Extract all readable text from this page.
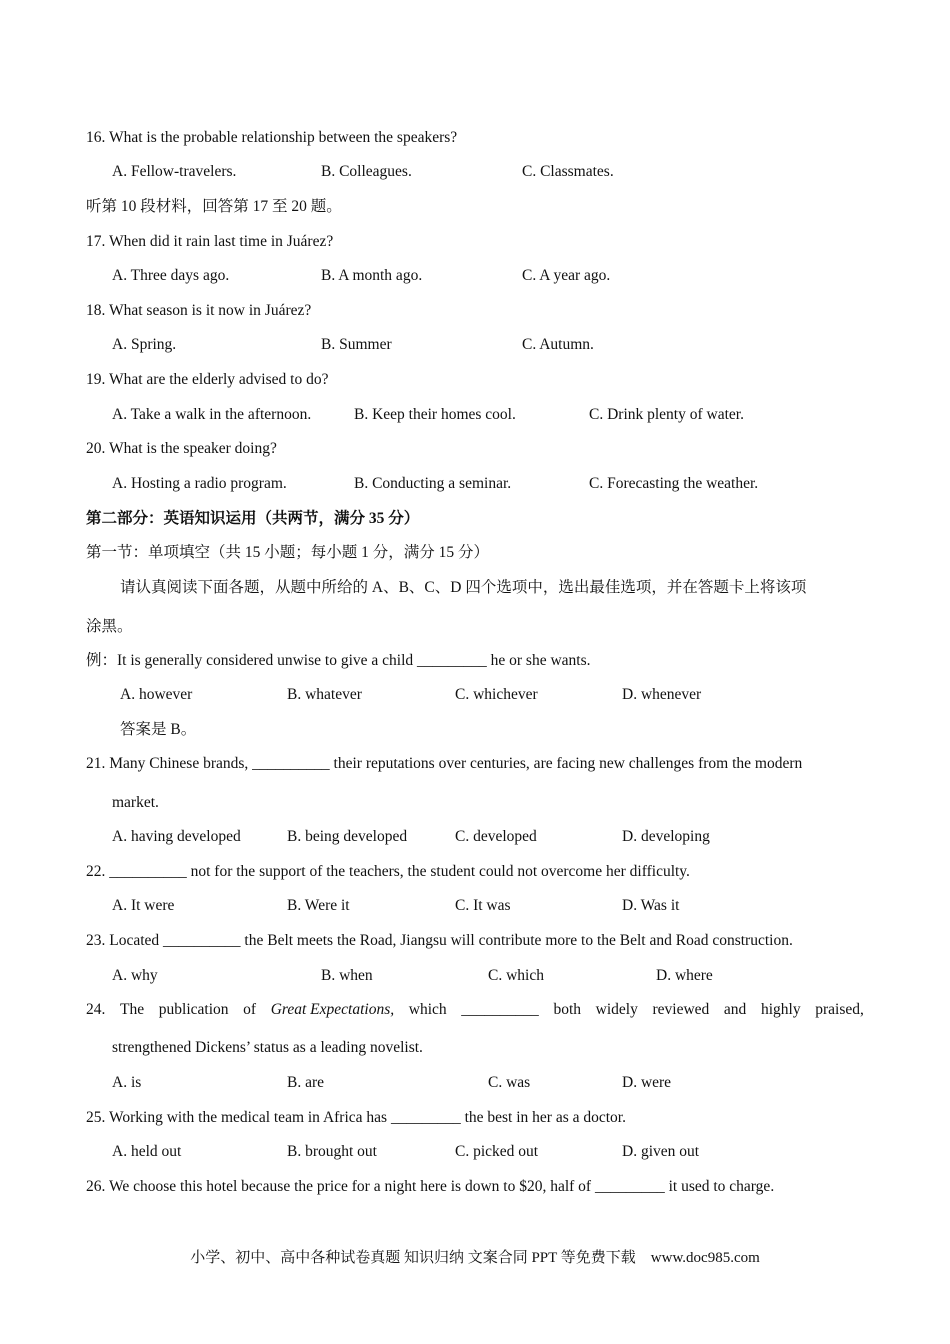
16. What is the probable relationship between the speakers?
A. Fellow-travelers.	B. Colleagues.	C. Classmates.
听第 10 段材料，回答第 17 至 20 题。
17. When did it rain last time in Juárez?
A. Three days ago.	B. A month ago.	C. A year ago.
18. What season is it now in Juárez?
A. Spring.	B. Summer	C. Autumn.
19. What are the elderly advised to do?
A. Take a walk in the afternoon.	B. Keep their homes cool.	C. Drink plenty of water.
20. What is the speaker doing?
A. Hosting a radio program.	B. Conducting a seminar.	C. Forecasting the weather.
第二部分：英语知识运用（共两节，满分 35 分）
第一节：单项填空（共 15 小题；每小题 1 分，满分 15 分）
请认真阅读下面各题，从题中所给的 A、B、C、D 四个选项中，选出最佳选项，并在答题卡上将该项
涂黑。
例：It is generally considered unwise to give a child _________ he or she wants.
A. however	B. whatever	C. whichever	D. whenever
答案是 B。
21. Many Chinese brands, __________ their reputations over centuries, are facing new challenges from the modern
market.
A. having developed	B. being developed	C. developed	D. developing
22. __________ not for the support of the teachers, the student could not overcome her difficulty.
A. It were	B. Were it	C. It was	D. Was it
23. Located __________ the Belt meets the Road, Jiangsu will contribute more to the Belt and Road construction.
A. why	B. when	C. which	D. where
24. The publication of Great Expectations, which __________ both widely reviewed and highly praised,
strengthened Dickens’ status as a leading novelist.
A. is	B. are	C. was	D. were
25. Working with the medical team in Africa has _________ the best in her as a doctor.
A. held out	B. brought out	C. picked out	D. given out
26. We choose this hotel because the price for a night here is down to $20, half of _________ it used to charge.
小学、初中、高中各种试卷真题 知识归纳 文案合同 PPT 等免费下载　www.doc985.com
